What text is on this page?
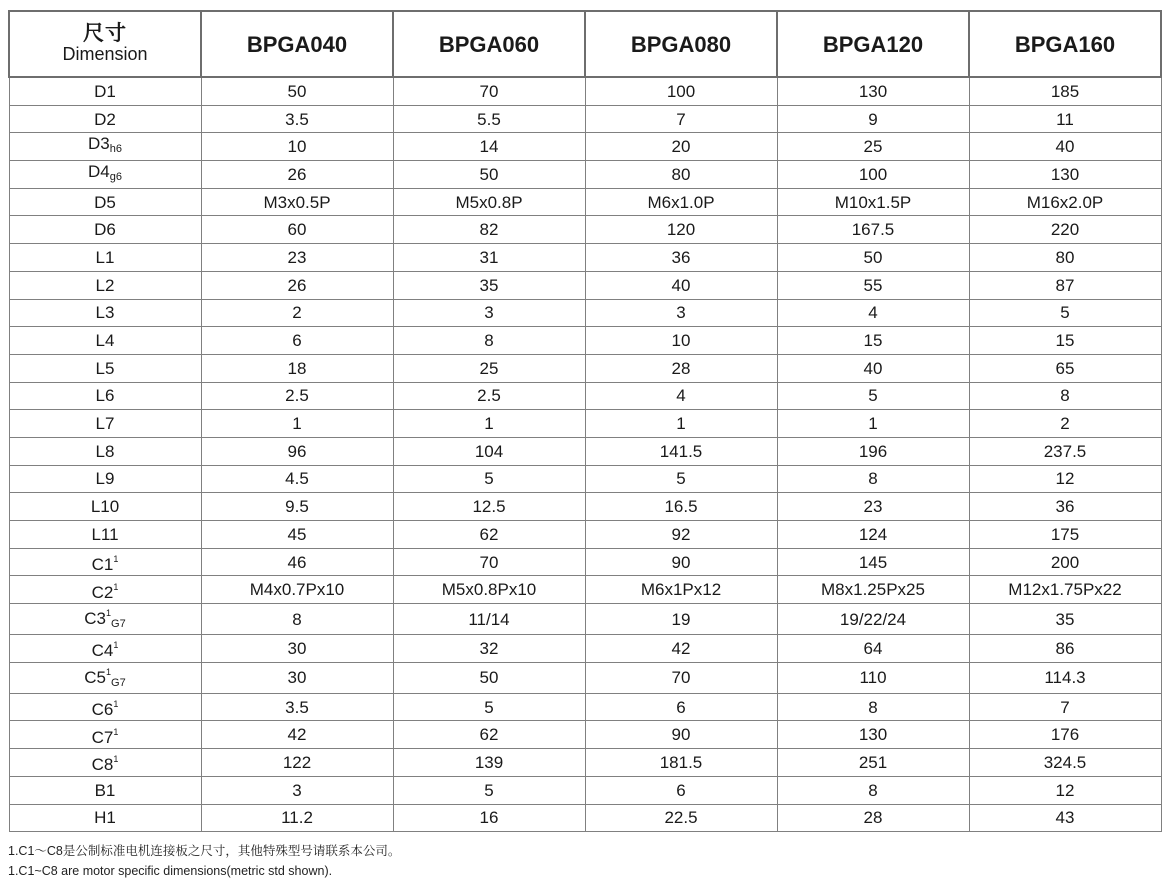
尺寸
Dimension	BPGA040	BPGA060	BPGA080	BPGA120	BPGA160
D1	50	70	100	130	185
D2	3.5	5.5	7	9	11
$D3_{h6}$	10	14	20	25	40
$D4_{g6}$	26	50	80	100	130
D5	M3x0.5P	M5x0.8P	M6x1.0P	M10x1.5P	M16x2.0P
D6	60	82	120	167.5	220
L1	23	31	36	50	80
L2	26	35	40	55	87
L3	2	3	3	4	5
L4	6	8	10	15	15
L5	18	25	28	40	65
L6	2.5	2.5	4	5	8
L7	1	1	1	1	2
L8	96	104	141.5	196	237.5
L9	4.5	5	5	8	12
L10	9.5	12.5	16.5	23	36
L11	45	62	92	124	175
$C1^1$	46	70	90	145	200
$C2^1$	M4x0.7Px10	M5x0.8Px10	M6x1Px12	M8x1.25Px25	M12x1.75Px22
$C3^1_{G7}$	8	11/14	19	19/22/24	35
$C4^1$	30	32	42	64	86
$C5^1_{G7}$	30	50	70	110	114.3
$C6^1$	3.5	5	6	8	7
$C7^1$	42	62	90	130	176
$C8^1$	122	139	181.5	251	324.5
B1	3	5	6	8	12
H1	11.2	16	22.5	28	43
1.C1～C8是公制标准电机连接板之尺寸，其他特殊型号请联系本公司。
1.C1~C8 are motor specific dimensions(metric std shown).
